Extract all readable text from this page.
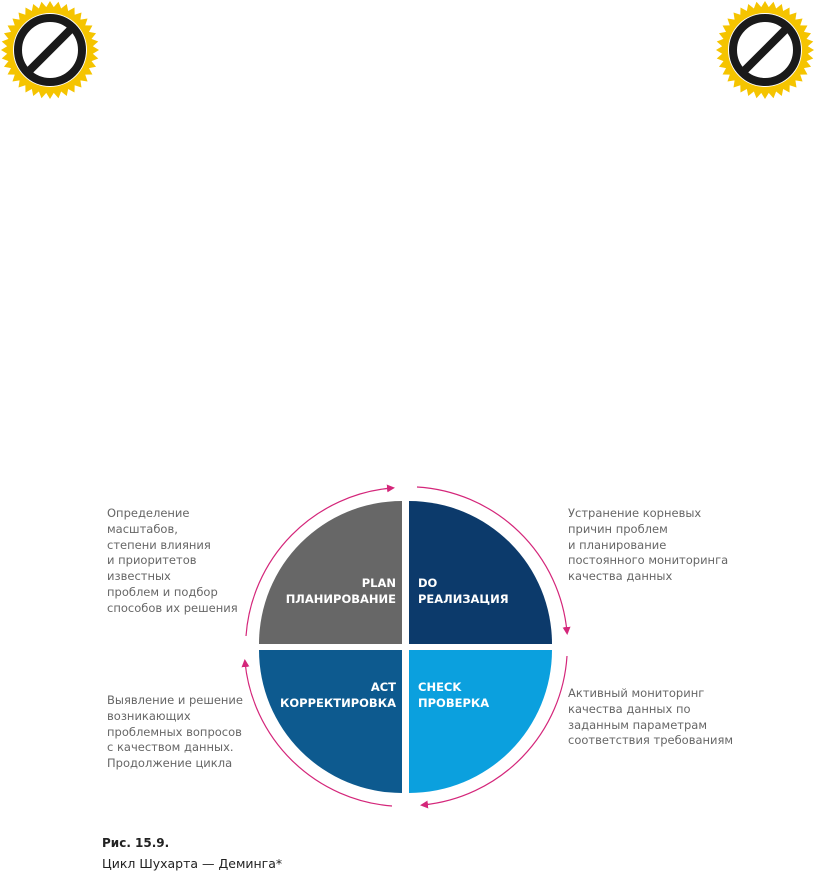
PLAN
ПЛАНИРОВАНИЕ
DO
РЕАЛИЗАЦИЯ
ACT
КОРРЕКТИРОВКА
CHECK
ПРОВЕРКА

Определение масштабов,
степени влияния
и приоритетов известных
проблем и подбор
способов их решения

Устранение корневых
причин проблем
и планирование
постоянного мониторинга
качества данных

Выявление и решение
возникающих
проблемных вопросов
с качеством данных.
Продолжение цикла

Активный мониторинг
качества данных по
заданным параметрам
соответствия требованиям

Рис. 15.9.

Цикл Шухарта — Деминга*
